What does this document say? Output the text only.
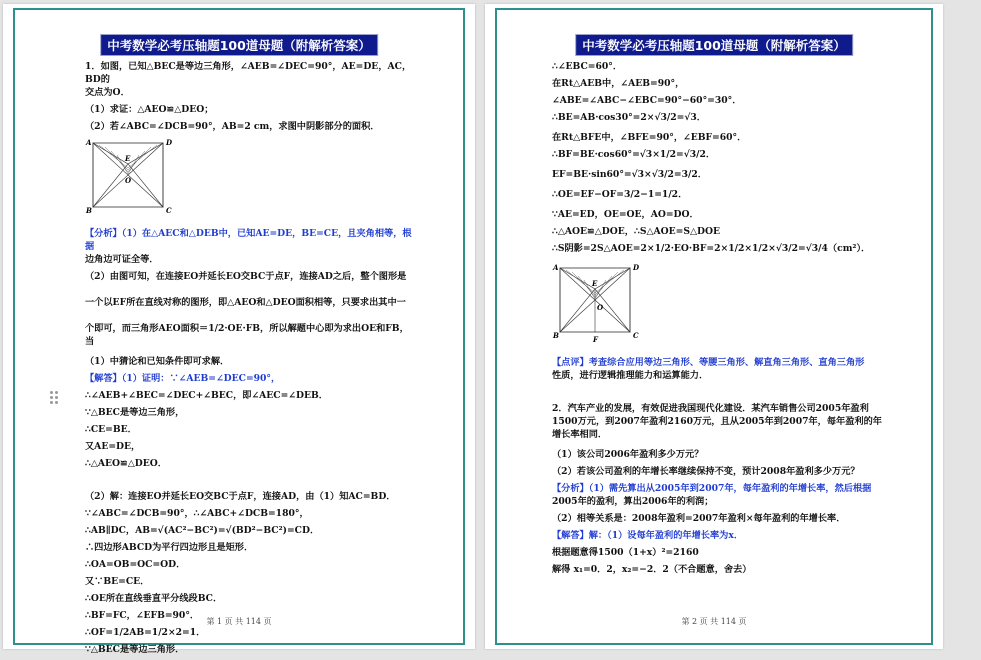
中考数学必考压轴题100道母题（附解析答案）

1．如图，已知△BEC是等边三角形，∠AEB=∠DEC=90°，AE=DE，AC，BD的
交点为O．

（1）求证：△AEO≌△DEO；

（2）若∠ABC=∠DCB=90°，AB=2 cm，求图中阴影部分的面积．

A	D
B	C
E
O

【分析】（1）在△AEC和△DEB中，已知AE=DE，BE=CE，且夹角相等，根据
边角边可证全等．

（2）由图可知，在连接EO并延长EO交BC于点F，连接AD之后，整个图形是

一个以EF所在直线对称的图形，即△AEO和△DEO面积相等，只要求出其中一

个即可，而三角形AEO面积＝1/2·OE·FB，所以解题中心即为求出OE和FB，当

（1）中猜论和已知条件即可求解．

【解答】（1）证明：∵∠AEB=∠DEC=90°，

∴∠AEB+∠BEC=∠DEC+∠BEC，即∠AEC=∠DEB．

∵△BEC是等边三角形，

∴CE=BE．

又AE=DE，

∴△AEO≌△DEO．

（2）解：连接EO并延长EO交BC于点F，连接AD，由（1）知AC=BD．

∵∠ABC=∠DCB=90°，∴∠ABC+∠DCB=180°，

∴AB∥DC，AB=√(AC²−BC²)=√(BD²−BC²)=CD．

∴四边形ABCD为平行四边形且是矩形．

∴OA=OB=OC=OD．

又∵BE=CE．

∴OE所在直线垂直平分线段BC．

∴BF=FC，∠EFB=90°．

∴OF=1/2AB=1/2×2=1．

∵△BEC是等边三角形．

第 1 页 共 114 页
中考数学必考压轴题100道母题（附解析答案）

∴∠EBC=60°．

在Rt△AEB中，∠AEB=90°，

∠ABE=∠ABC−∠EBC=90°−60°=30°．

∴BE=AB·cos30°=2×√3/2=√3．

在Rt△BFE中，∠BFE=90°，∠EBF=60°．

∴BF=BE·cos60°=√3×1/2=√3/2．

EF=BE·sin60°=√3×√3/2=3/2．

∴OE=EF−OF=3/2−1=1/2．

∵AE=ED，OE=OE，AO=DO．

∴△AOE≌△DOE，∴S△AOE=S△DOE

∴S阴影=2S△AOE=2×1/2·EO·BF=2×1/2×1/2×√3/2=√3/4（cm²）．

A	D
B	C
E
O
F

【点评】考查综合应用等边三角形、等腰三角形、解直角三角形、直角三角形
性质，进行逻辑推理能力和运算能力．

2．汽车产业的发展，有效促进我国现代化建设．某汽车销售公司2005年盈利
1500万元，到2007年盈利2160万元，且从2005年到2007年，每年盈利的年
增长率相同．

（1）该公司2006年盈利多少万元？

（2）若该公司盈利的年增长率继续保持不变，预计2008年盈利多少万元？

【分析】（1）需先算出从2005年到2007年，每年盈利的年增长率，然后根据
2005年的盈利，算出2006年的利润；

（2）相等关系是：2008年盈利=2007年盈利×每年盈利的年增长率．

【解答】解：（1）设每年盈利的年增长率为x．

根据题意得1500（1+x）²=2160

解得 x₁=0．2，x₂=−2．2（不合题意，舍去）

第 2 页 共 114 页
